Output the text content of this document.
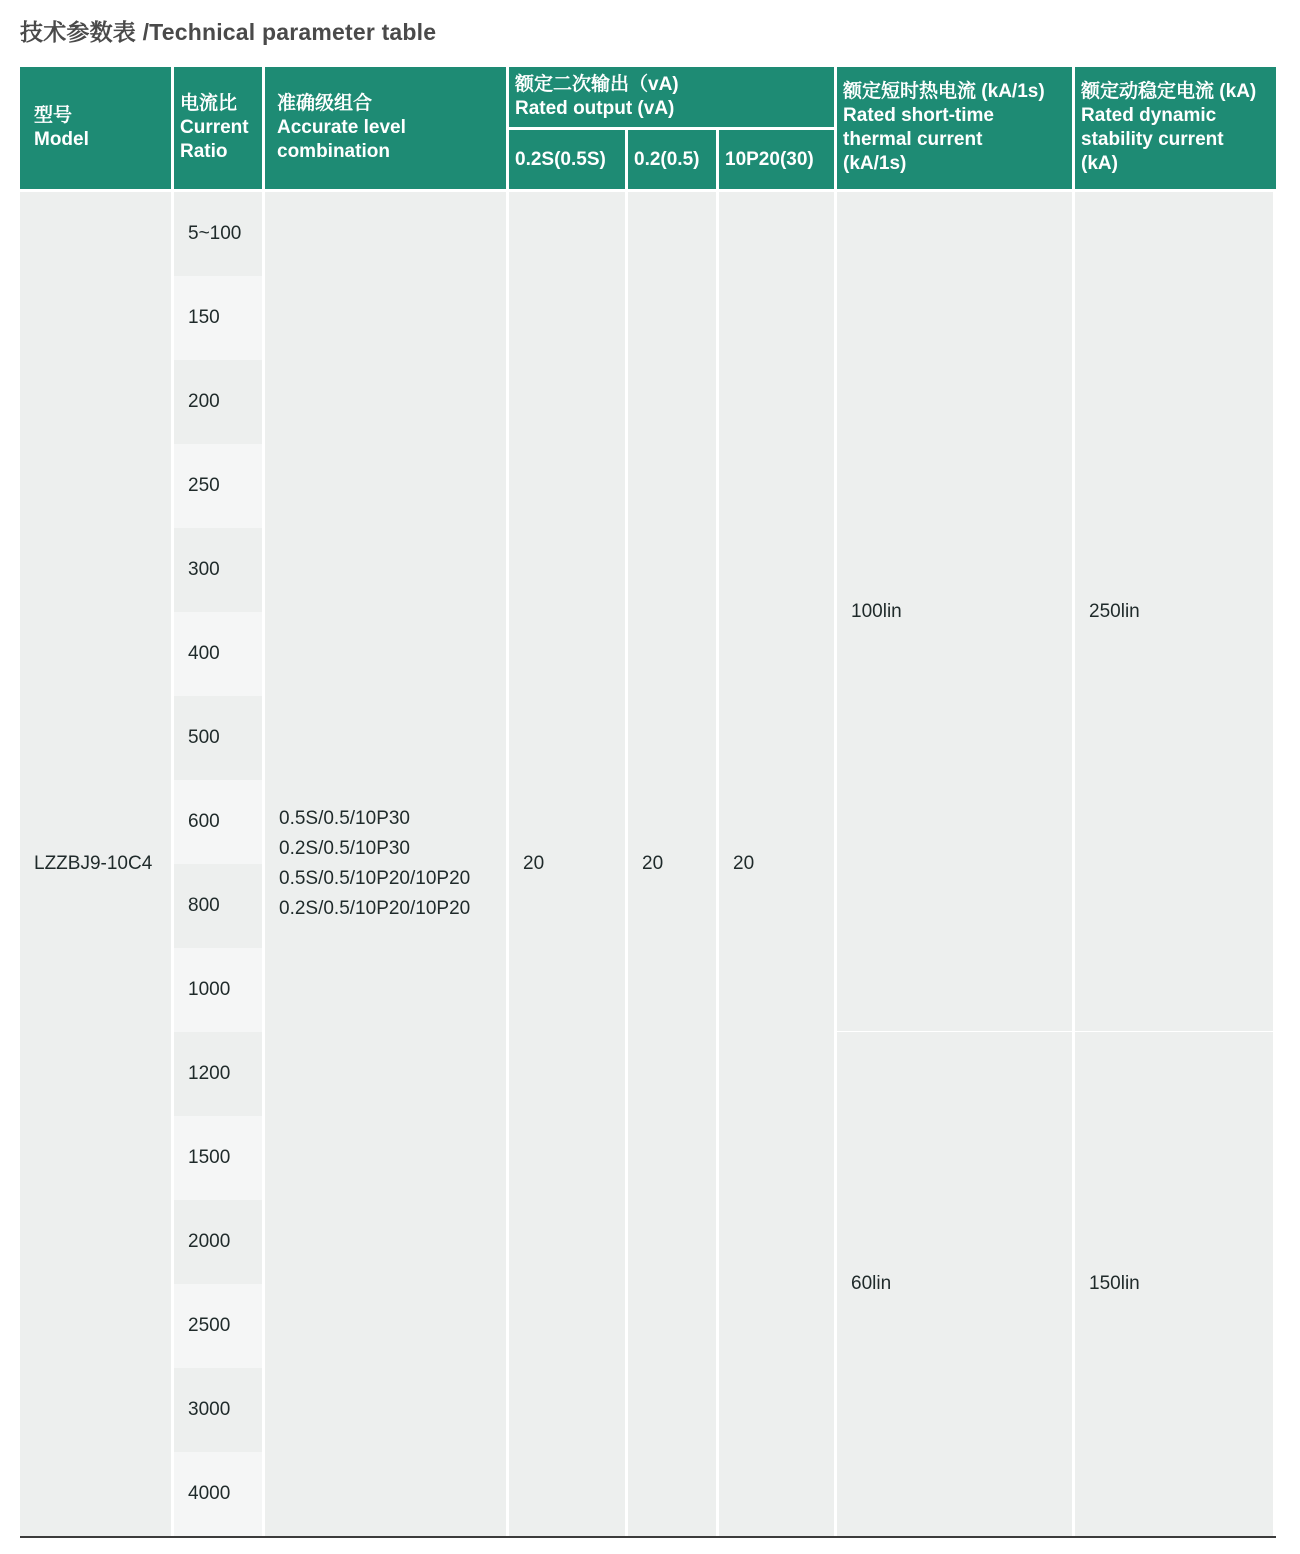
技术参数表 /Technical parameter table
型号
Model	电流比
Current
Ratio	准确级组合
Accurate level
combination	额定二次输出（vA)
Rated output (vA)			额定短时热电流 (kA/1s)
Rated short-time
thermal current
(kA/1s)	额定动稳定电流 (kA)
Rated dynamic
stability current
(kA)

			0.2S(0.5S)	0.2(0.5)	10P20(30)		
LZZBJ9-10C4	5~100	0.5S/0.5/10P30
0.2S/0.5/10P30
0.5S/0.5/10P20/10P20
0.2S/0.5/10P20/10P20	20	20	20	100lin	250lin
	150						
	200						
	250						
	300						
	400						
	500						
	600						
	800						
	1000						
	1200					60lin	150lin
	1500						
	2000						
	2500						
	3000						
	4000						
